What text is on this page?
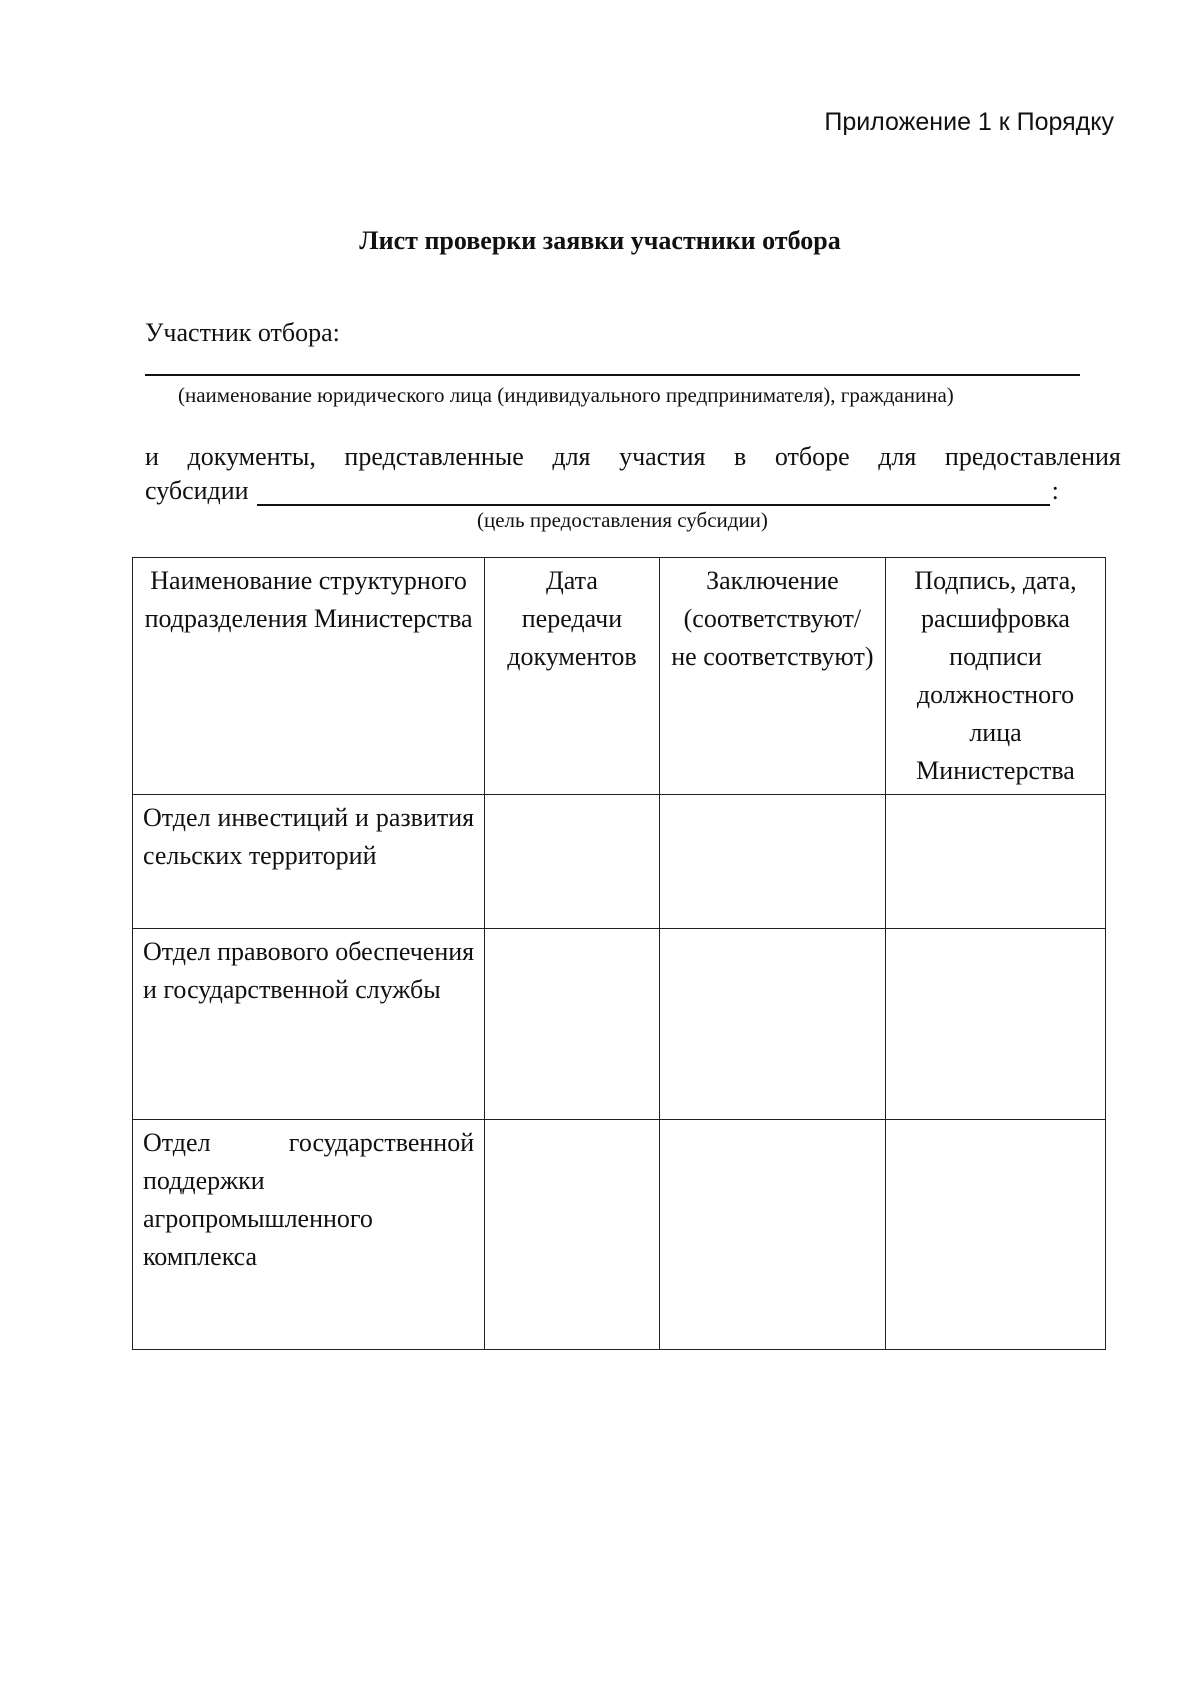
Приложение 1 к Порядку
Лист проверки заявки участники отбора
Участник отбора:
(наименование юридического лица (индивидуального предпринимателя), гражданина)
и документы, представленные для участия в отборе для предоставления
субсидии	:
(цель предоставления субсидии)
Наименование структурного подразделения Министерства	Дата передачи документов	Заключение (соответствуют/ не соответствуют)	Подпись, дата, расшифровка подписи должностного лица Министерства
Отдел инвестиций и развития сельских территорий			
Отдел правового обеспечения и государственной службы			
Отдел государственной поддержки агропромышленного комплекса			
